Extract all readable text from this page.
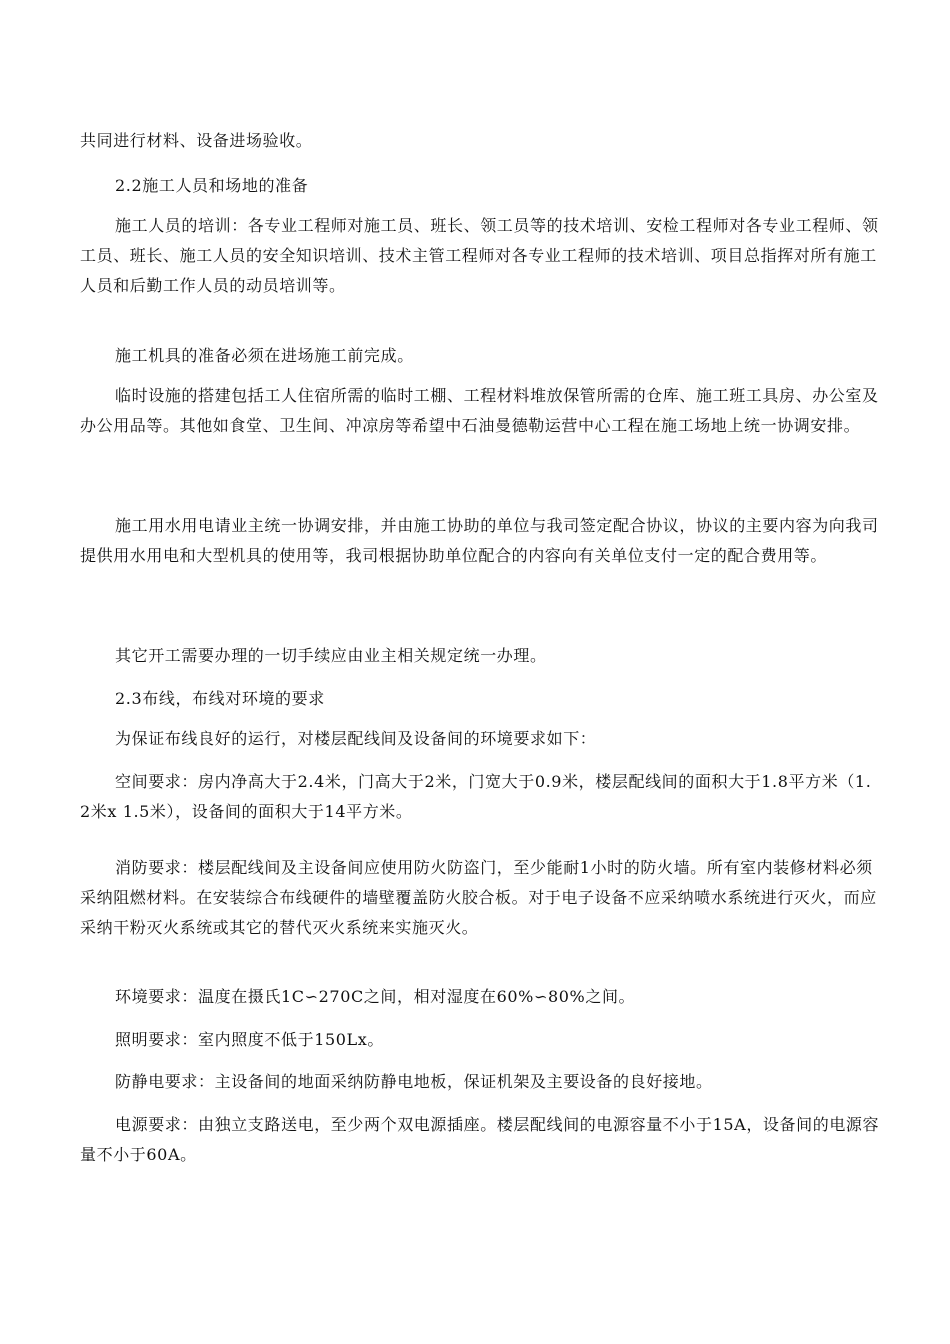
共同进行材料、设备进场验收。

2.2施工人员和场地的准备

施工人员的培训：各专业工程师对施工员、班长、领工员等的技术培训、安检工程师对各专业工程师、领工员、班长、施工人员的安全知识培训、技术主管工程师对各专业工程师的技术培训、项目总指挥对所有施工人员和后勤工作人员的动员培训等。

施工机具的准备必须在进场施工前完成。

临时设施的搭建包括工人住宿所需的临时工棚、工程材料堆放保管所需的仓库、施工班工具房、办公室及办公用品等。其他如食堂、卫生间、冲凉房等希望中石油曼德勒运营中心工程在施工场地上统一协调安排。

施工用水用电请业主统一协调安排，并由施工协助的单位与我司签定配合协议，协议的主要内容为向我司提供用水用电和大型机具的使用等，我司根据协助单位配合的内容向有关单位支付一定的配合费用等。

其它开工需要办理的一切手续应由业主相关规定统一办理。

2.3布线，布线对环境的要求

为保证布线良好的运行，对楼层配线间及设备间的环境要求如下：

空间要求：房内净高大于2.4米，门高大于2米，门宽大于0.9米，楼层配线间的面积大于1.8平方米（1.2米x 1.5米），设备间的面积大于14平方米。

消防要求：楼层配线间及主设备间应使用防火防盗门，至少能耐1小时的防火墙。所有室内装修材料必须采纳阻燃材料。在安装综合布线硬件的墙壁覆盖防火胶合板。对于电子设备不应采纳喷水系统进行灭火，而应采纳干粉灭火系统或其它的替代灭火系统来实施灭火。

环境要求：温度在摄氏1C∽270C之间，相对湿度在60%∽80%之间。

照明要求：室内照度不低于150Lx。

防静电要求：主设备间的地面采纳防静电地板，保证机架及主要设备的良好接地。

电源要求：由独立支路送电，至少两个双电源插座。楼层配线间的电源容量不小于15A，设备间的电源容量不小于60A。
